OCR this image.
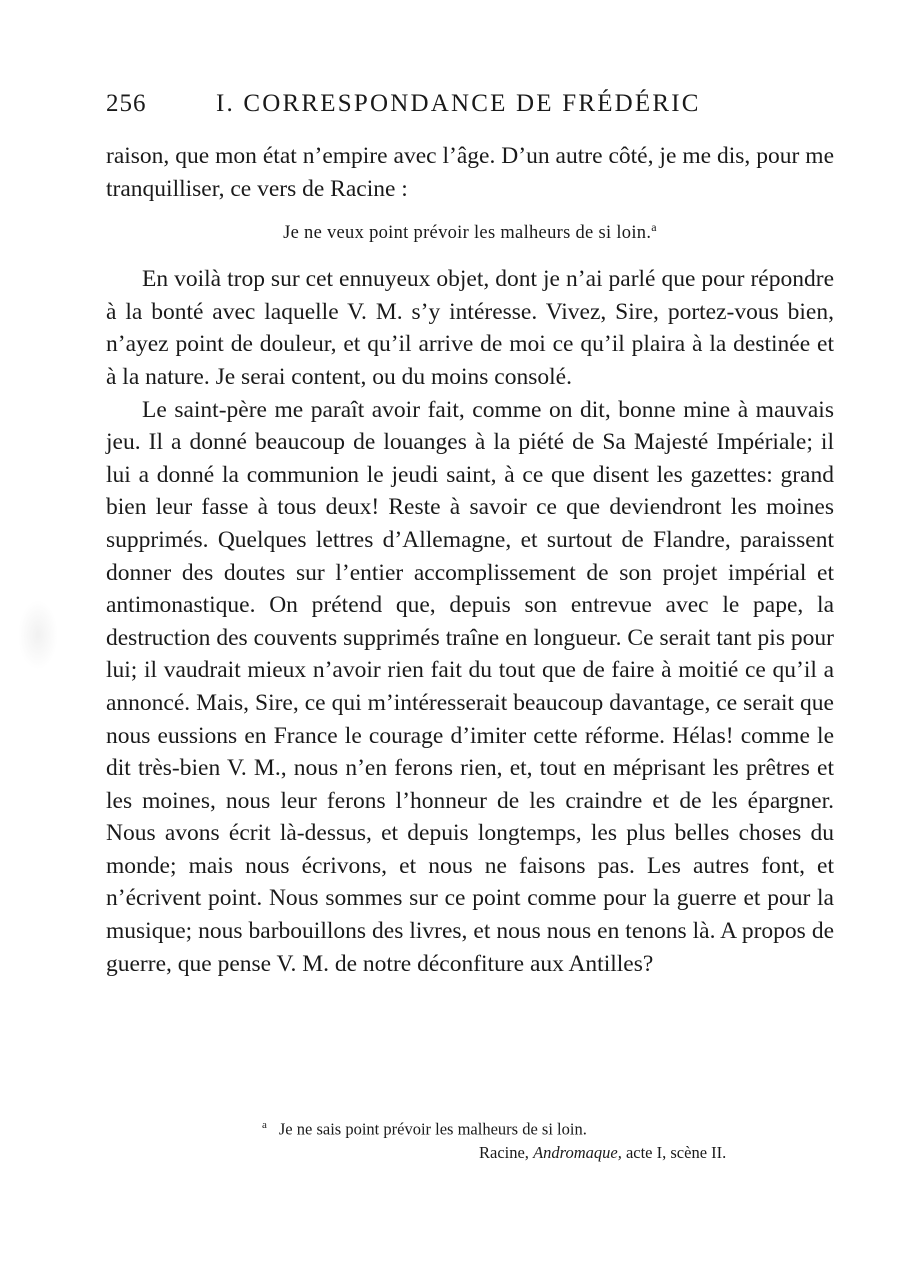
256	I. CORRESPONDANCE DE FRÉDÉRIC

raison, que mon état n’empire avec l’âge. D’un autre côté, je me dis, pour me tranquilliser, ce vers de Racine :

Je ne veux point prévoir les malheurs de si loin.$^a$

En voilà trop sur cet ennuyeux objet, dont je n’ai parlé que pour répondre à la bonté avec laquelle V. M. s’y intéresse. Vivez, Sire, portez-vous bien, n’ayez point de douleur, et qu’il arrive de moi ce qu’il plaira à la destinée et à la nature. Je serai content, ou du moins consolé.

Le saint-père me paraît avoir fait, comme on dit, bonne mine à mauvais jeu. Il a donné beaucoup de louanges à la piété de Sa Majesté Impériale; il lui a donné la communion le jeudi saint, à ce que disent les gazettes: grand bien leur fasse à tous deux! Reste à savoir ce que deviendront les moines supprimés. Quelques lettres d’Allemagne, et surtout de Flandre, paraissent donner des doutes sur l’entier accomplissement de son projet impérial et antimonastique. On prétend que, depuis son entrevue avec le pape, la destruction des couvents supprimés traîne en longueur. Ce serait tant pis pour lui; il vaudrait mieux n’avoir rien fait du tout que de faire à moitié ce qu’il a annoncé. Mais, Sire, ce qui m’intéresserait beaucoup davantage, ce serait que nous eussions en France le courage d’imiter cette réforme. Hélas! comme le dit très-bien V. M., nous n’en ferons rien, et, tout en méprisant les prêtres et les moines, nous leur ferons l’honneur de les craindre et de les épargner. Nous avons écrit là-dessus, et depuis longtemps, les plus belles choses du monde; mais nous écrivons, et nous ne faisons pas. Les autres font, et n’écrivent point. Nous sommes sur ce point comme pour la guerre et pour la musique; nous barbouillons des livres, et nous nous en tenons là. A propos de guerre, que pense V. M. de notre déconfiture aux Antilles?

$^a$ Je ne sais point prévoir les malheurs de si loin.

Racine, Andromaque, acte I, scène II.
